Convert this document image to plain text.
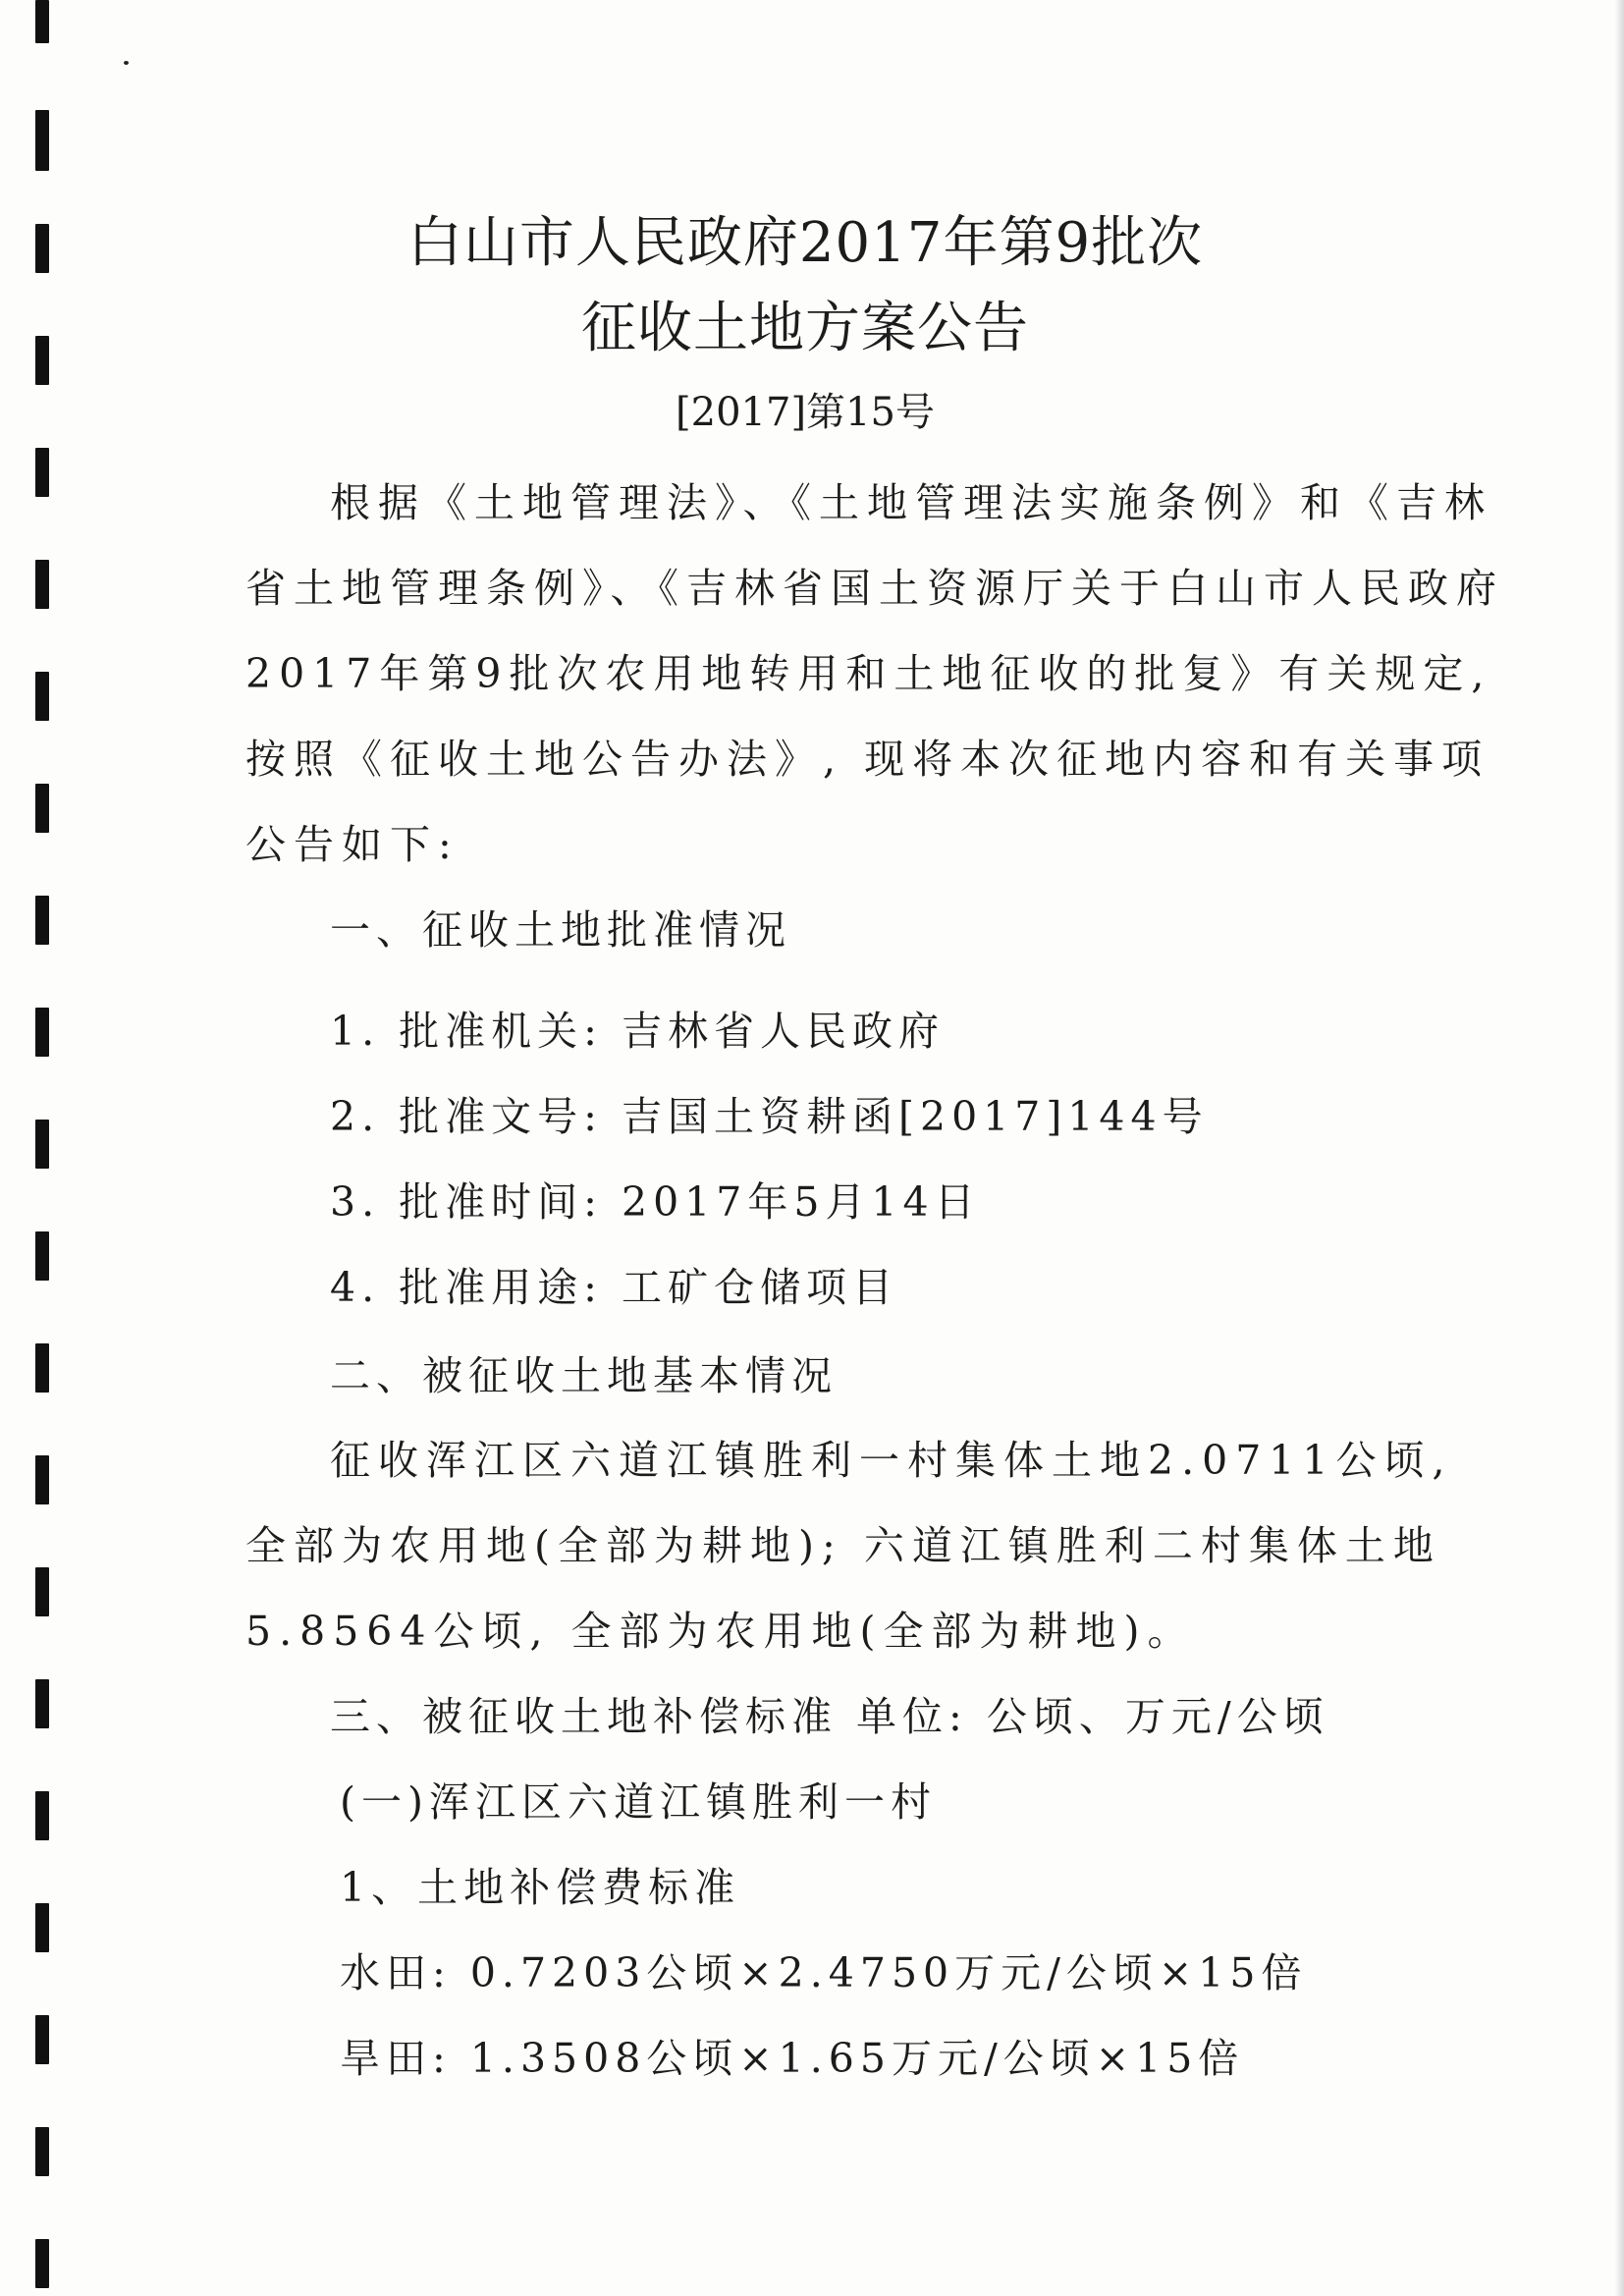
白山市人民政府2017年第9批次
征收土地方案公告
[2017]第15号
根据《土地管理法》、《土地管理法实施条例》和《吉林
省土地管理条例》、《吉林省国土资源厅关于白山市人民政府
2017年第9批次农用地转用和土地征收的批复》有关规定,
按照《征收土地公告办法》, 现将本次征地内容和有关事项
公告如下:
一、征收土地批准情况
1. 批准机关: 吉林省人民政府
2. 批准文号: 吉国土资耕函[2017]144号
3. 批准时间: 2017年5月14日
4. 批准用途: 工矿仓储项目
二、被征收土地基本情况
征收浑江区六道江镇胜利一村集体土地2.0711公顷,
全部为农用地(全部为耕地); 六道江镇胜利二村集体土地
5.8564公顷, 全部为农用地(全部为耕地)。
三、被征收土地补偿标准 单位: 公顷、万元/公顷
(一)浑江区六道江镇胜利一村
1、土地补偿费标准
水田: 0.7203公顷×2.4750万元/公顷×15倍
旱田: 1.3508公顷×1.65万元/公顷×15倍
